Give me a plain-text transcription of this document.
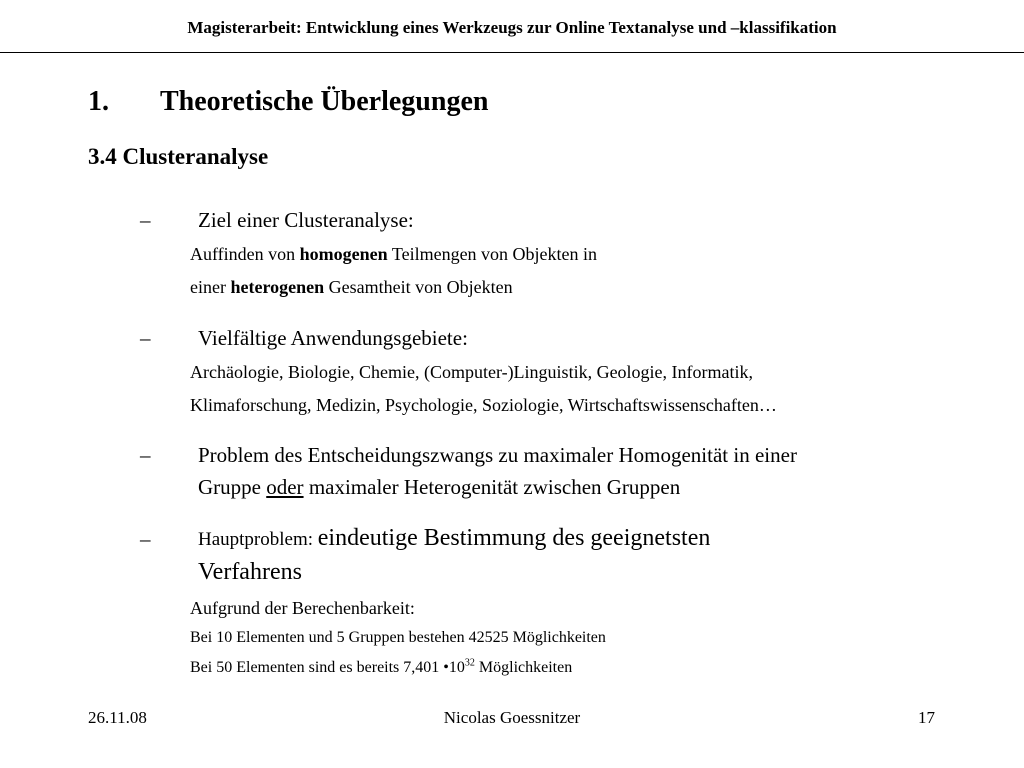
Magisterarbeit: Entwicklung eines Werkzeugs zur Online Textanalyse und –klassifikation
1. Theoretische Überlegungen
3.4 Clusteranalyse
– Ziel einer Clusteranalyse:
Auffinden von homogenen Teilmengen von Objekten in
einer heterogenen Gesamtheit von Objekten
– Vielfältige Anwendungsgebiete:
Archäologie, Biologie, Chemie, (Computer-)Linguistik, Geologie, Informatik,
Klimaforschung, Medizin, Psychologie, Soziologie, Wirtschaftswissenschaften…
– Problem des Entscheidungszwangs zu maximaler Homogenität in einer
Gruppe oder maximaler Heterogenität zwischen Gruppen
–	Hauptproblem: eindeutige Bestimmung des geeignetsten
Verfahrens
Aufgrund der Berechenbarkeit:
Bei 10 Elementen und 5 Gruppen bestehen 42525 Möglichkeiten
Bei 50 Elementen sind es bereits 7,401 $•10^{32}$ Möglichkeiten
26.11.08	Nicolas Goessnitzer	17
